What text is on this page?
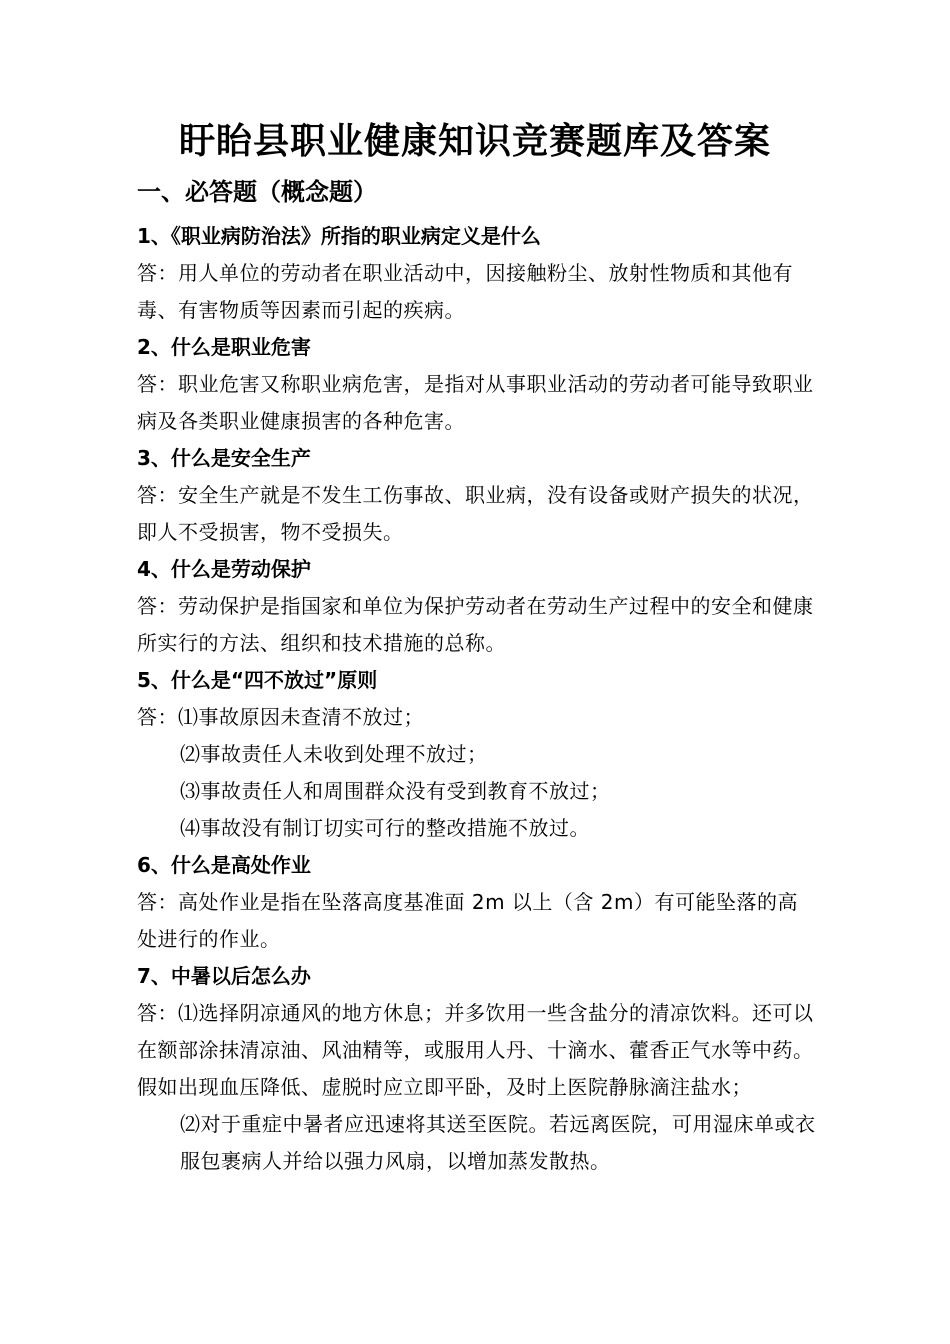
盱眙县职业健康知识竞赛题库及答案
一、必答题（概念题）
1、《职业病防治法》所指的职业病定义是什么

答：用人单位的劳动者在职业活动中，因接触粉尘、放射性物质和其他有毒、有害物质等因素而引起的疾病。

2、什么是职业危害

答：职业危害又称职业病危害，是指对从事职业活动的劳动者可能导致职业病及各类职业健康损害的各种危害。

3、什么是安全生产

答：安全生产就是不发生工伤事故、职业病，没有设备或财产损失的状况，即人不受损害，物不受损失。

4、什么是劳动保护

答：劳动保护是指国家和单位为保护劳动者在劳动生产过程中的安全和健康所实行的方法、组织和技术措施的总称。

5、什么是“四不放过”原则

答：⑴事故原因未查清不放过；

⑵事故责任人未收到处理不放过；

⑶事故责任人和周围群众没有受到教育不放过；

⑷事故没有制订切实可行的整改措施不放过。

6、什么是高处作业

答：高处作业是指在坠落高度基准面 2m 以上（含 2m）有可能坠落的高处进行的作业。

7、中暑以后怎么办

答：⑴选择阴凉通风的地方休息；并多饮用一些含盐分的清凉饮料。还可以在额部涂抹清凉油、风油精等，或服用人丹、十滴水、藿香正气水等中药。假如出现血压降低、虚脱时应立即平卧，及时上医院静脉滴注盐水；

⑵对于重症中暑者应迅速将其送至医院。若远离医院，可用湿床单或衣服包裹病人并给以强力风扇，以增加蒸发散热。
